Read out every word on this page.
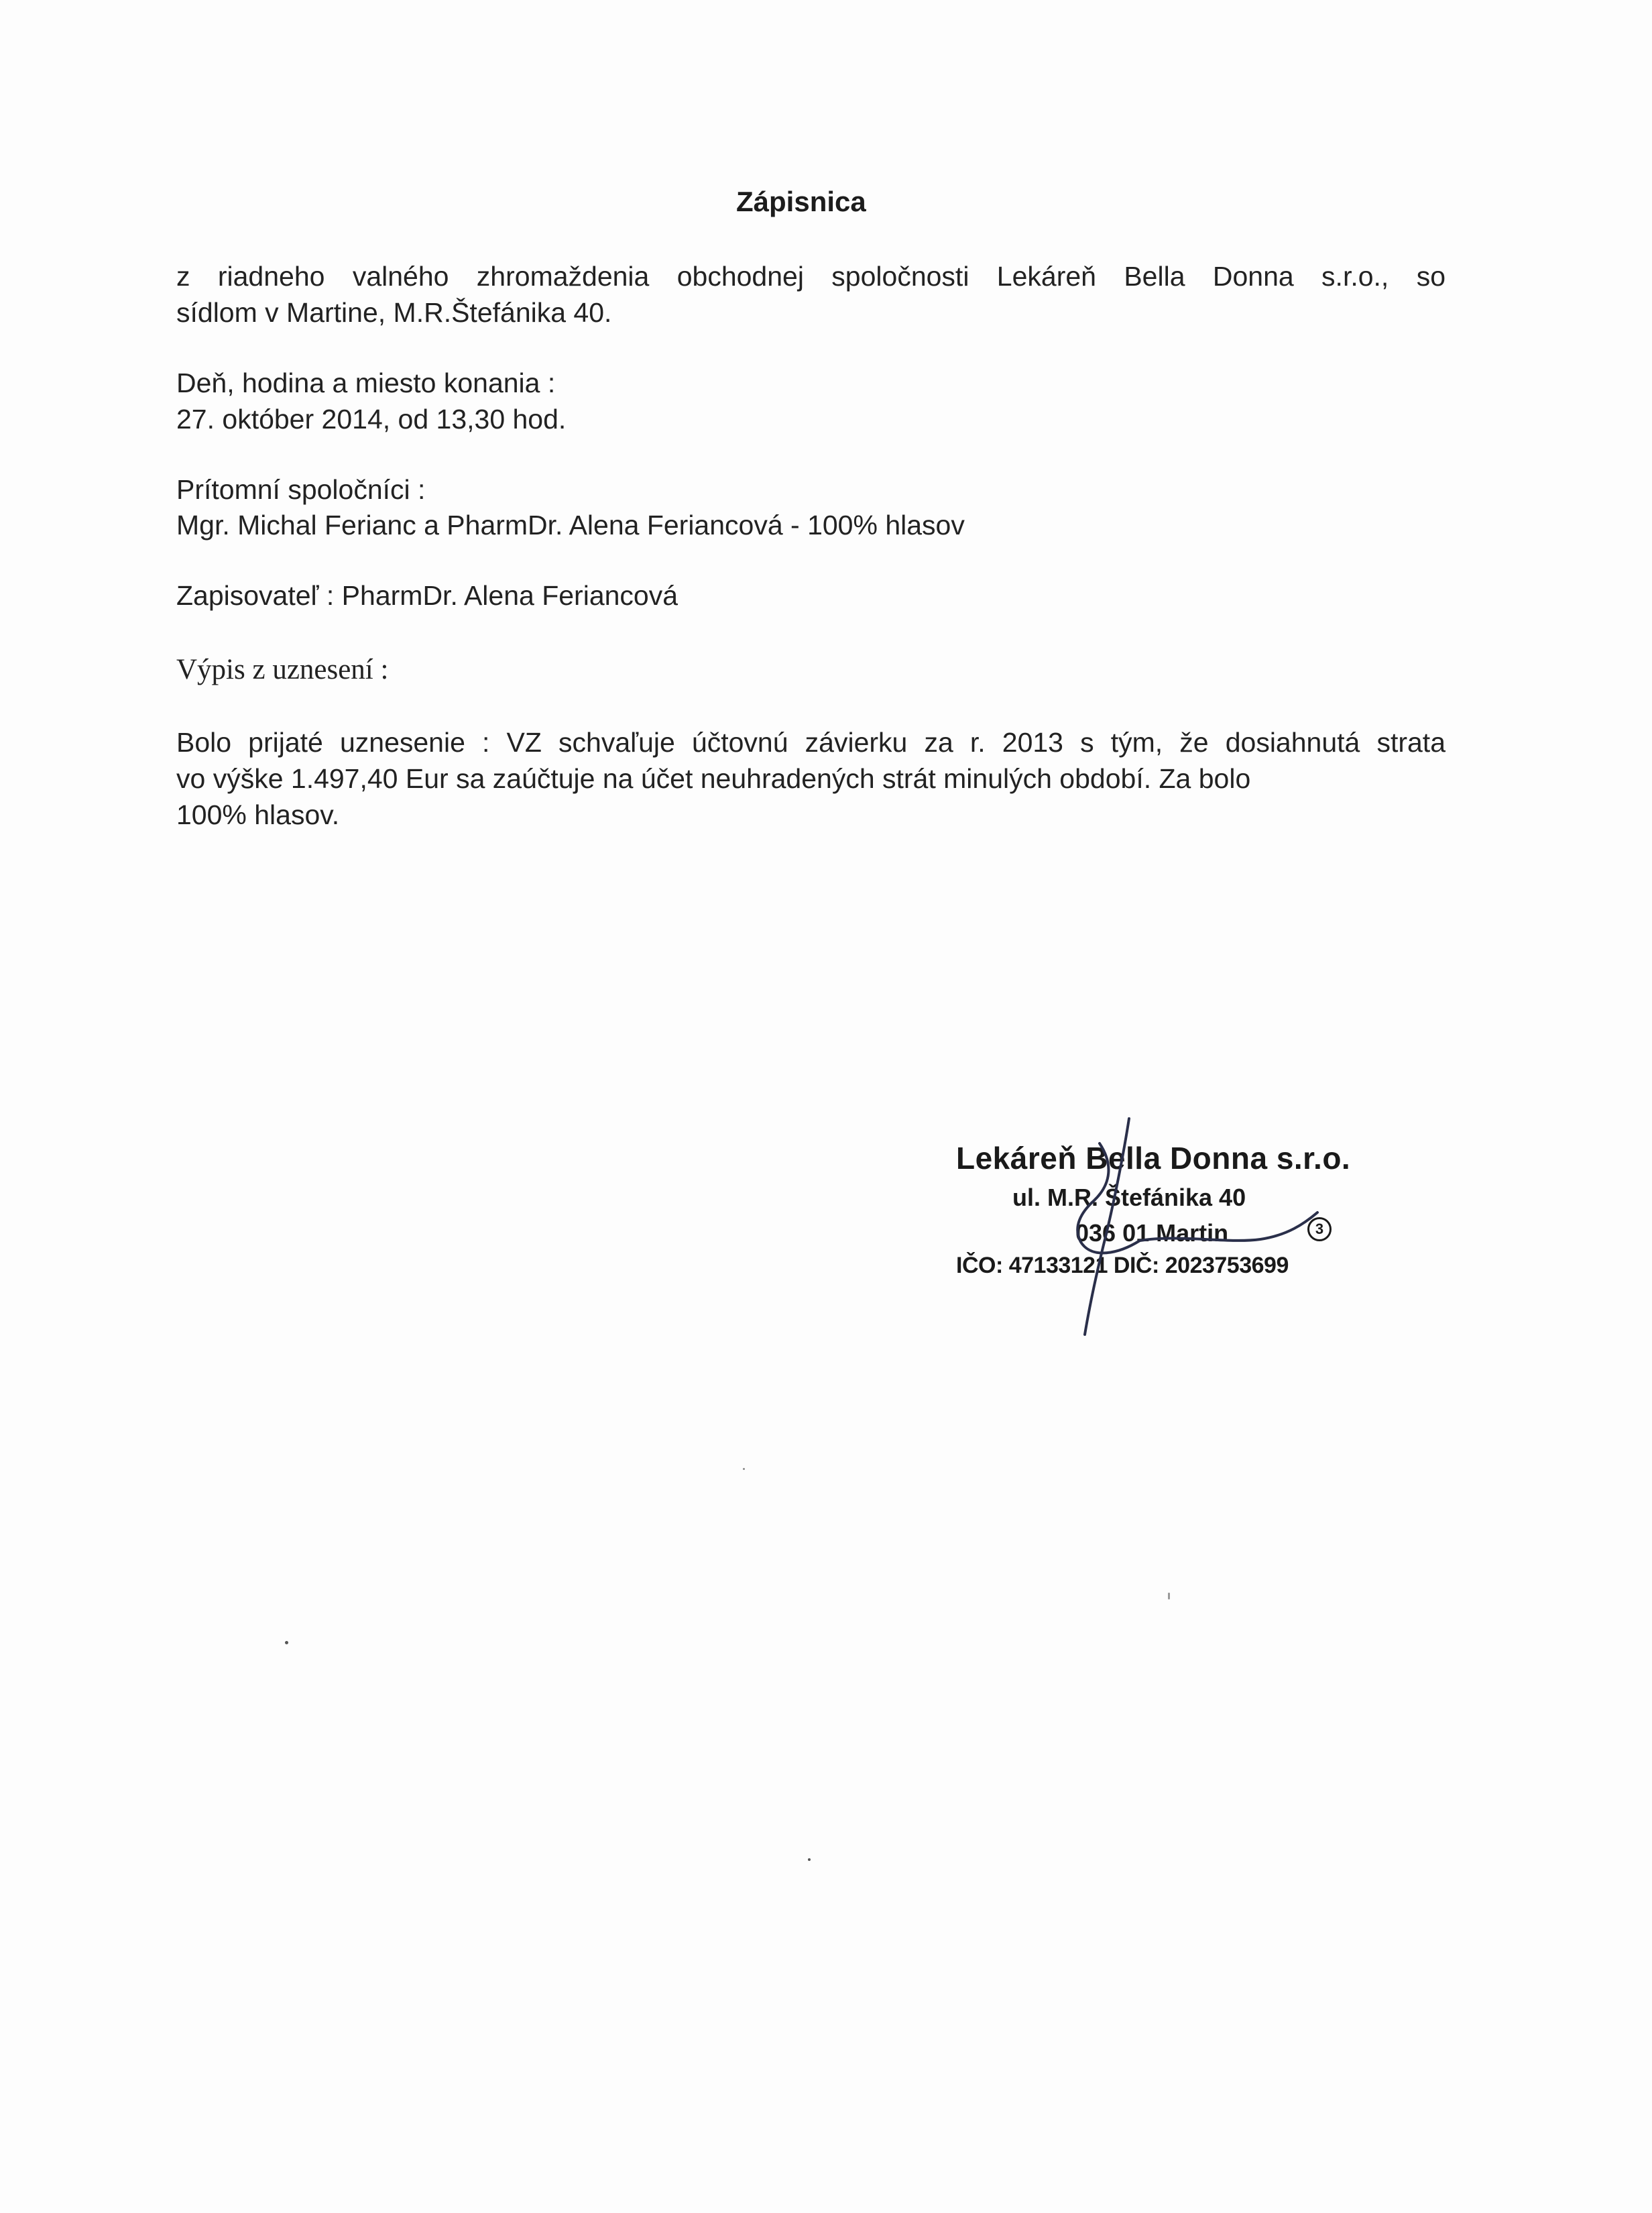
Zápisnica
z riadneho valného zhromaždenia obchodnej spoločnosti Lekáreň Bella Donna s.r.o., so
sídlom v Martine, M.R.Štefánika 40.
Deň, hodina a miesto konania :
27. október 2014, od 13,30 hod.
Prítomní spoločníci :
Mgr. Michal Ferianc a PharmDr. Alena Feriancová - 100% hlasov
Zapisovateľ : PharmDr. Alena Feriancová
Výpis z uznesení :
Bolo prijaté uznesenie : VZ schvaľuje účtovnú závierku za r. 2013 s tým, že dosiahnutá strata
vo výške 1.497,40 Eur sa zaúčtuje na účet neuhradených strát minulých období. Za bolo
100% hlasov.
Lekáreň Bella Donna s.r.o.
ul. M.R. Štefánika 40
036 01 Martin
IČO: 47133121 DIČ: 2023753699
3
